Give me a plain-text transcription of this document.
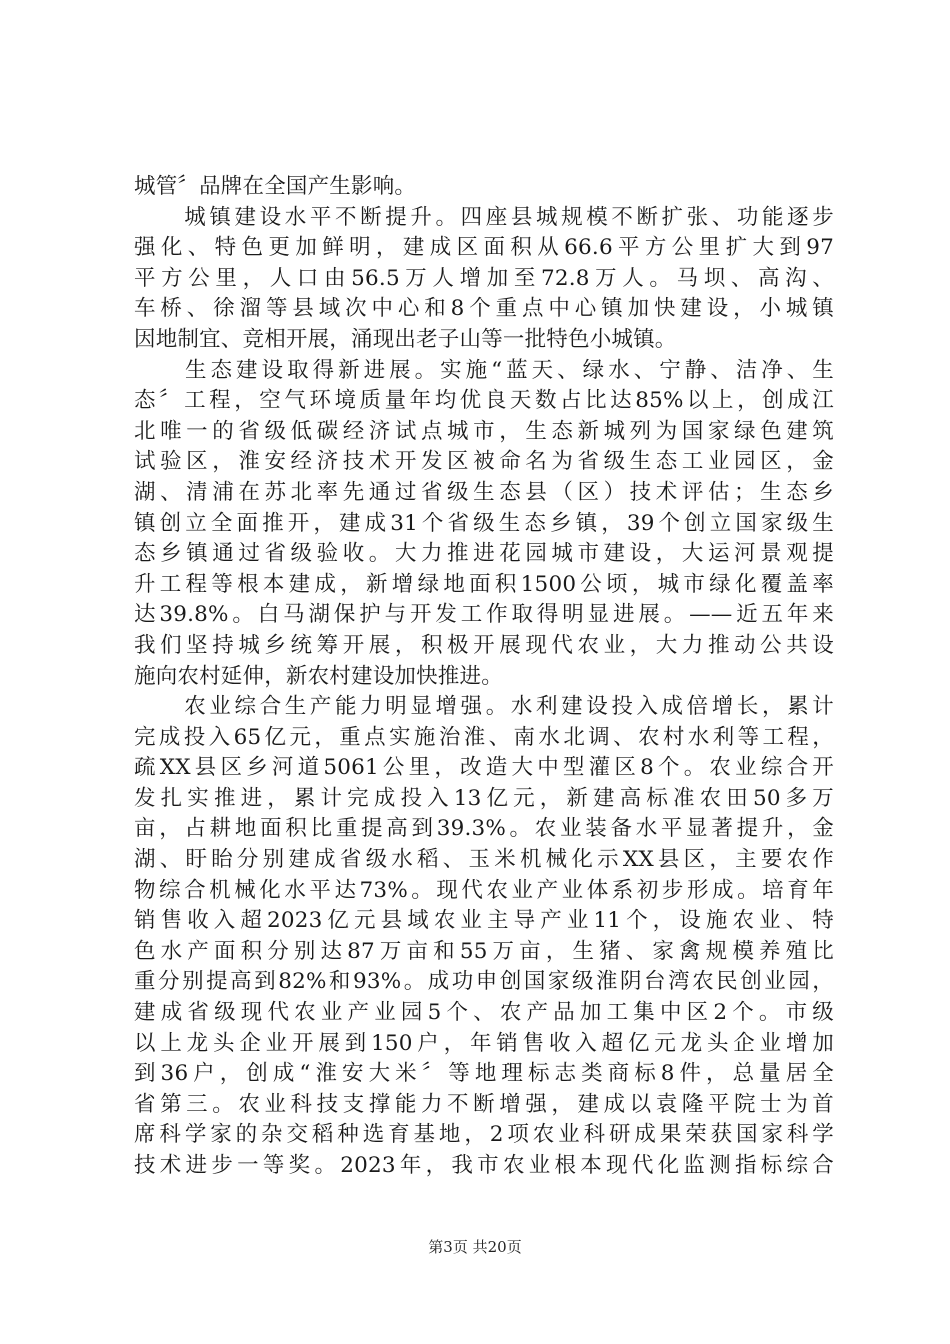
城管〞品牌在全国产生影响。
　　城镇建设水平不断提升。四座县城规模不断扩张、功能逐步
强化、特色更加鲜明，建成区面积从66.6平方公里扩大到97
平方公里，人口由56.5万人增加至72.8万人。马坝、高沟、
车桥、徐溜等县域次中心和8个重点中心镇加快建设，小城镇
因地制宜、竞相开展，涌现出老子山等一批特色小城镇。
　　生态建设取得新进展。实施“蓝天、绿水、宁静、洁净、生
态〞工程，空气环境质量年均优良天数占比达85%以上，创成江
北唯一的省级低碳经济试点城市，生态新城列为国家绿色建筑
试验区，淮安经济技术开发区被命名为省级生态工业园区，金
湖、清浦在苏北率先通过省级生态县（区）技术评估；生态乡
镇创立全面推开，建成31个省级生态乡镇，39个创立国家级生
态乡镇通过省级验收。大力推进花园城市建设，大运河景观提
升工程等根本建成，新增绿地面积1500公顷，城市绿化覆盖率
达39.8%。白马湖保护与开发工作取得明显进展。——近五年来
我们坚持城乡统筹开展，积极开展现代农业，大力推动公共设
施向农村延伸，新农村建设加快推进。
　　农业综合生产能力明显增强。水利建设投入成倍增长，累计
完成投入65亿元，重点实施治淮、南水北调、农村水利等工程，
疏XX县区乡河道5061公里，改造大中型灌区8个。农业综合开
发扎实推进，累计完成投入13亿元，新建高标准农田50多万
亩，占耕地面积比重提高到39.3%。农业装备水平显著提升，金
湖、盱眙分别建成省级水稻、玉米机械化示XX县区，主要农作
物综合机械化水平达73%。现代农业产业体系初步形成。培育年
销售收入超2023亿元县域农业主导产业11个，设施农业、特
色水产面积分别达87万亩和55万亩，生猪、家禽规模养殖比
重分别提高到82%和93%。成功申创国家级淮阴台湾农民创业园，
建成省级现代农业产业园5个、农产品加工集中区2个。市级
以上龙头企业开展到150户，年销售收入超亿元龙头企业增加
到36户，创成“淮安大米〞等地理标志类商标8件，总量居全
省第三。农业科技支撑能力不断增强，建成以袁隆平院士为首
席科学家的杂交稻种选育基地，2项农业科研成果荣获国家科学
技术进步一等奖。2023年，我市农业根本现代化监测指标综合
第3页 共20页
